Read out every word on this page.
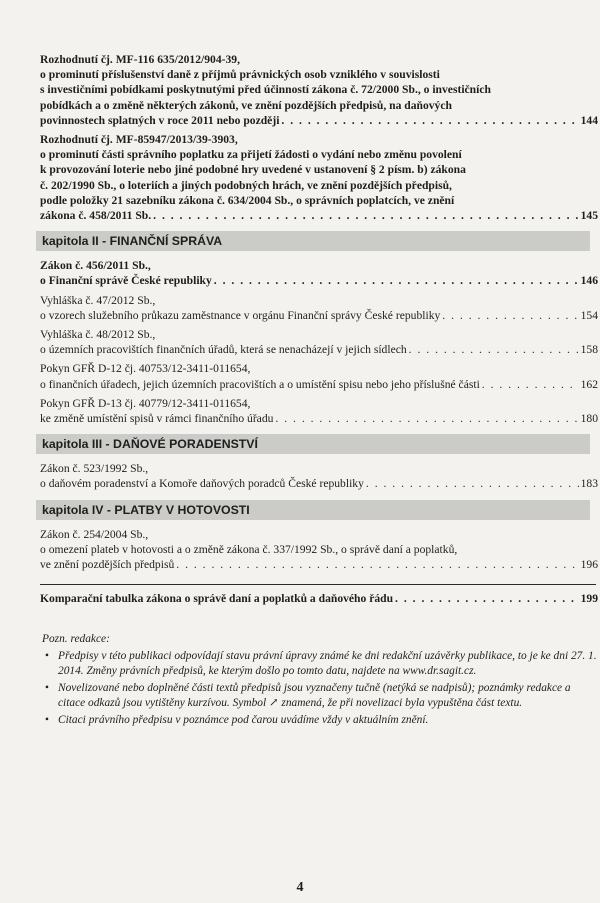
Rozhodnutí čj. MF-116 635/2012/904-39,
o prominutí příslušenství daně z příjmů právnických osob vzniklého v souvislosti
s investičními pobídkami poskytnutými před účinností zákona č. 72/2000 Sb., o investičních
pobídkách a o změně některých zákonů, ve znění pozdějších předpisů, na daňových
povinnostech splatných v roce 2011 nebo později . . .	144
Rozhodnutí čj. MF-85947/2013/39-3903,
o prominutí části správního poplatku za přijetí žádosti o vydání nebo změnu povolení
k provozování loterie nebo jiné podobné hry uvedené v ustanovení § 2 písm. b) zákona
č. 202/1990 Sb., o loteriích a jiných podobných hrách, ve znění pozdějších předpisů,
podle položky 21 sazebníku zákona č. 634/2004 Sb., o správních poplatcích, ve znění
zákona č. 458/2011 Sb. . . .	145
kapitola II - FINANČNÍ SPRÁVA
Zákon č. 456/2011 Sb.,
o Finanční správě České republiky . . .	146
Vyhláška č. 47/2012 Sb.,
o vzorech služebního průkazu zaměstnance v orgánu Finanční správy České republiky . . .	154
Vyhláška č. 48/2012 Sb.,
o územních pracovištích finančních úřadů, která se nenacházejí v jejich sídlech . . .	158
Pokyn GFŘ D-12 čj. 40753/12-3411-011654,
o finančních úřadech, jejich územních pracovištích a o umístění spisu nebo jeho příslušné části . . .	162
Pokyn GFŘ D-13 čj. 40779/12-3411-011654,
ke změně umístění spisů v rámci finančního úřadu . . .	180
kapitola III - DAŇOVÉ PORADENSTVÍ
Zákon č. 523/1992 Sb.,
o daňovém poradenství a Komoře daňových poradců České republiky . . .	183
kapitola IV - PLATBY V HOTOVOSTI
Zákon č. 254/2004 Sb.,
o omezení plateb v hotovosti a o změně zákona č. 337/1992 Sb., o správě daní a poplatků,
ve znění pozdějších předpisů . . .	196
Komparační tabulka zákona o správě daní a poplatků a daňového řádu . . .	199
Pozn. redakce:
• Předpisy v této publikaci odpovídají stavu právní úpravy známé ke dni redakční uzávěrky publikace, to je ke dni 27. 1. 2014. Změny právních předpisů, ke kterým došlo po tomto datu, najdete na www.dr.sagit.cz.
• Novelizované nebo doplněné části textů předpisů jsou vyznačeny tučně (netýká se nadpisů); poznámky redakce a citace odkazů jsou vytištěny kurzívou. Symbol ↗ znamená, že při novelizaci byla vypuštěna část textu.
• Citaci právního předpisu v poznámce pod čarou uvádíme vždy v aktuálním znění.
4
